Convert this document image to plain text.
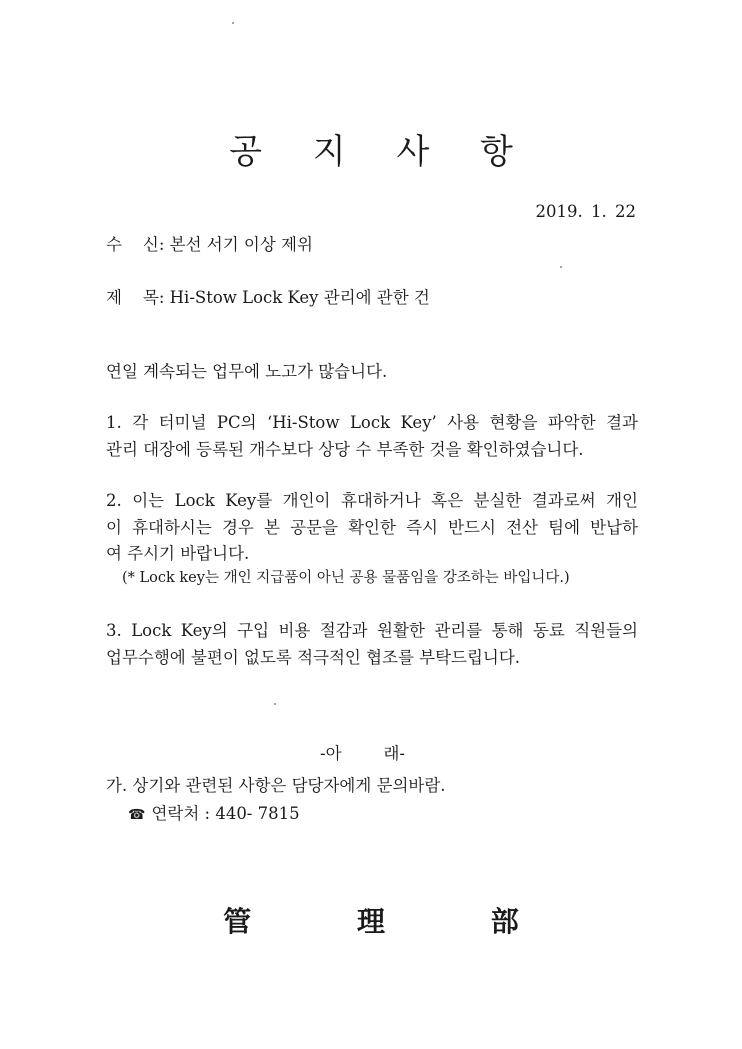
공 지 사 항
2019. 1. 22
수    신: 본선 서기 이상 제위
제    목: Hi-Stow Lock Key 관리에 관한 건
연일 계속되는 업무에 노고가 많습니다.
1. 각 터미널 PC의 ‘Hi-Stow Lock Key’ 사용 현황을 파악한 결과
관리 대장에 등록된 개수보다 상당 수 부족한 것을 확인하였습니다.
2. 이는 Lock Key를 개인이 휴대하거나 혹은 분실한 결과로써 개인
이 휴대하시는 경우 본 공문을 확인한 즉시 반드시 전산 팀에 반납하
여 주시기 바랍니다.
(* Lock key는 개인 지급품이 아닌 공용 물품임을 강조하는 바입니다.)
3. Lock Key의 구입 비용 절감과 원활한 관리를 통해 동료 직원들의
업무수행에 불편이 없도록 적극적인 협조를 부탁드립니다.
-아        래-
가. 상기와 관련된 사항은 담당자에게 문의바람.
☎ 연락처 : 440- 7815
管 理 部
